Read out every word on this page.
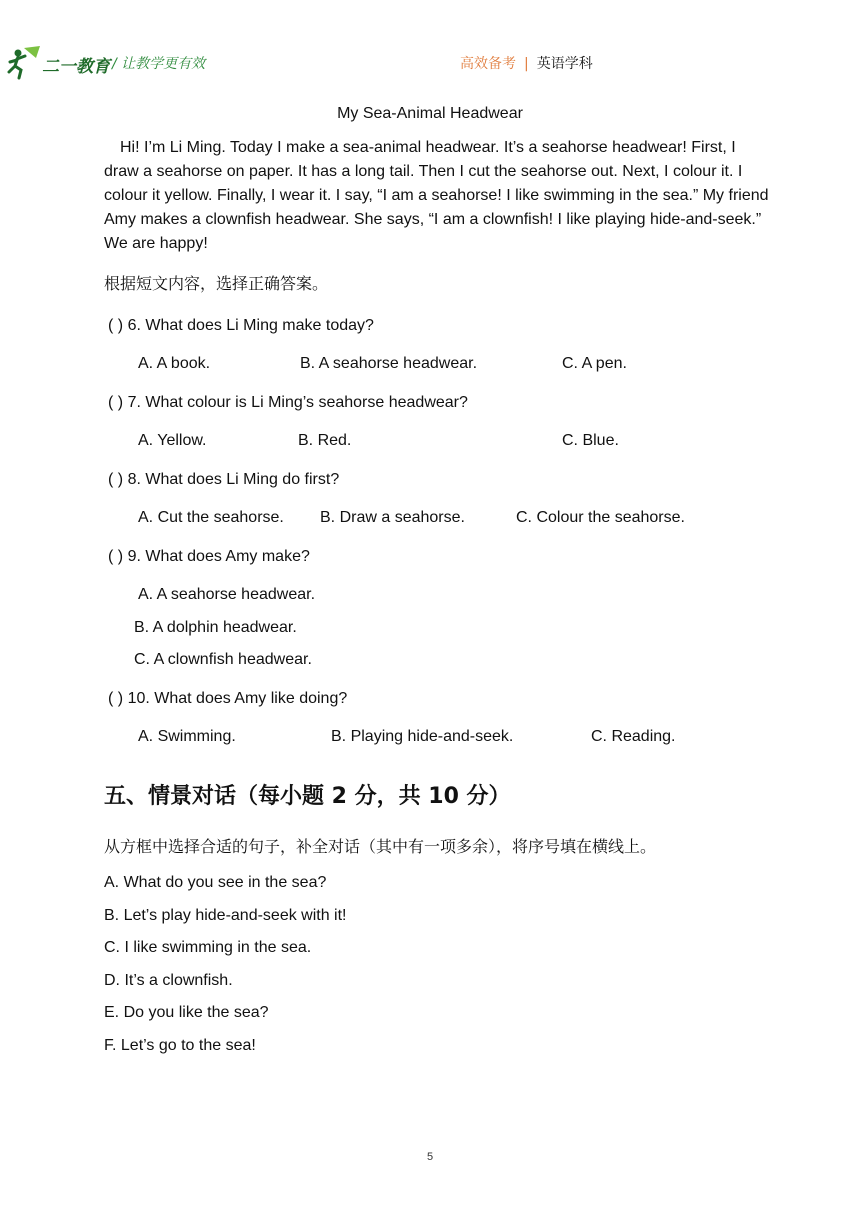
二一教育 / 让教学更有效	高效备考 | 英语学科
My Sea-Animal Headwear

Hi! I’m Li Ming. Today I make a sea-animal headwear. It’s a seahorse headwear! First, I draw a seahorse on paper. It has a long tail. Then I cut the seahorse out. Next, I colour it. I colour it yellow. Finally, I wear it. I say, “I am a seahorse! I like swimming in the sea.” My friend Amy makes a clownfish headwear. She says, “I am a clownfish! I like playing hide-and-seek.” We are happy!

根据短文内容，选择正确答案。
( ) 6. What does Li Ming make today?
A. A book.	B. A seahorse headwear.	C. A pen.
( ) 7. What colour is Li Ming’s seahorse headwear?
A. Yellow.	B. Red.	C. Blue.
( ) 8. What does Li Ming do first?
A. Cut the seahorse. B. Draw a seahorse.	C. Colour the seahorse.
( ) 9. What does Amy make?
A. A seahorse headwear.
B. A dolphin headwear.
C. A clownfish headwear.
( ) 10. What does Amy like doing?
A. Swimming.	B. Playing hide-and-seek.	C. Reading.
五、情景对话（每小题 2 分，共 10 分）
从方框中选择合适的句子，补全对话（其中有一项多余），将序号填在横线上。
A. What do you see in the sea?
B. Let’s play hide-and-seek with it!
C. I like swimming in the sea.
D. It’s a clownfish.
E. Do you like the sea?
F. Let’s go to the sea!
5
